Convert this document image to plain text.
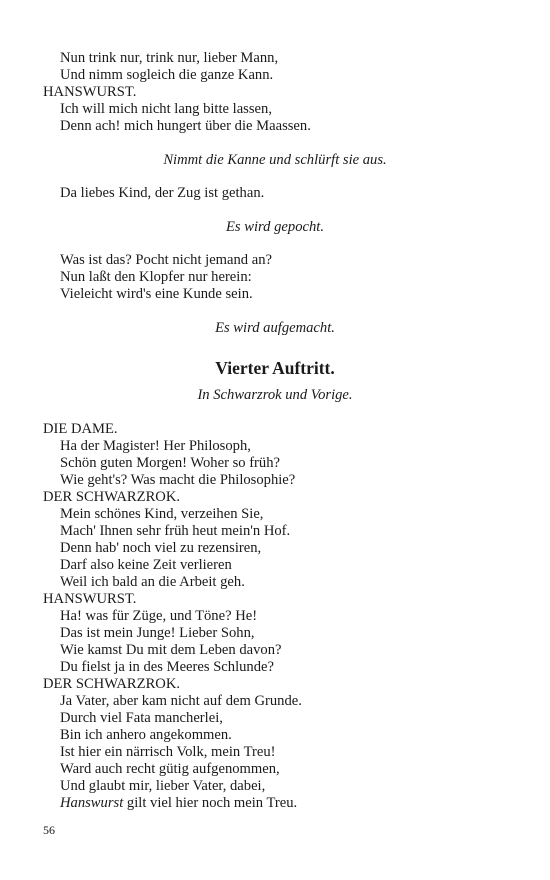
Nun trink nur, trink nur, lieber Mann,
Und nimm sogleich die ganze Kann.
HANSWURST.
Ich will mich nicht lang bitte lassen,
Denn ach! mich hungert über die Maassen.
Nimmt die Kanne und schlürft sie aus.
Da liebes Kind, der Zug ist gethan.
Es wird gepocht.
Was ist das? Pocht nicht jemand an?
Nun laßt den Klopfer nur herein:
Vieleicht wird's eine Kunde sein.
Es wird aufgemacht.
Vierter Auftritt.
In Schwarzrok und Vorige.
DIE DAME.
Ha der Magister! Her Philosoph,
Schön guten Morgen! Woher so früh?
Wie geht's? Was macht die Philosophie?
DER SCHWARZROK.
Mein schönes Kind, verzeihen Sie,
Mach' Ihnen sehr früh heut mein'n Hof.
Denn hab' noch viel zu rezensiren,
Darf also keine Zeit verlieren
Weil ich bald an die Arbeit geh.
HANSWURST.
Ha! was für Züge, und Töne? He!
Das ist mein Junge! Lieber Sohn,
Wie kamst Du mit dem Leben davon?
Du fielst ja in des Meeres Schlunde?
DER SCHWARZROK.
Ja Vater, aber kam nicht auf dem Grunde.
Durch viel Fata mancherlei,
Bin ich anhero angekommen.
Ist hier ein närrisch Volk, mein Treu!
Ward auch recht gütig aufgenommen,
Und glaubt mir, lieber Vater, dabei,
Hanswurst gilt viel hier noch mein Treu.
56
